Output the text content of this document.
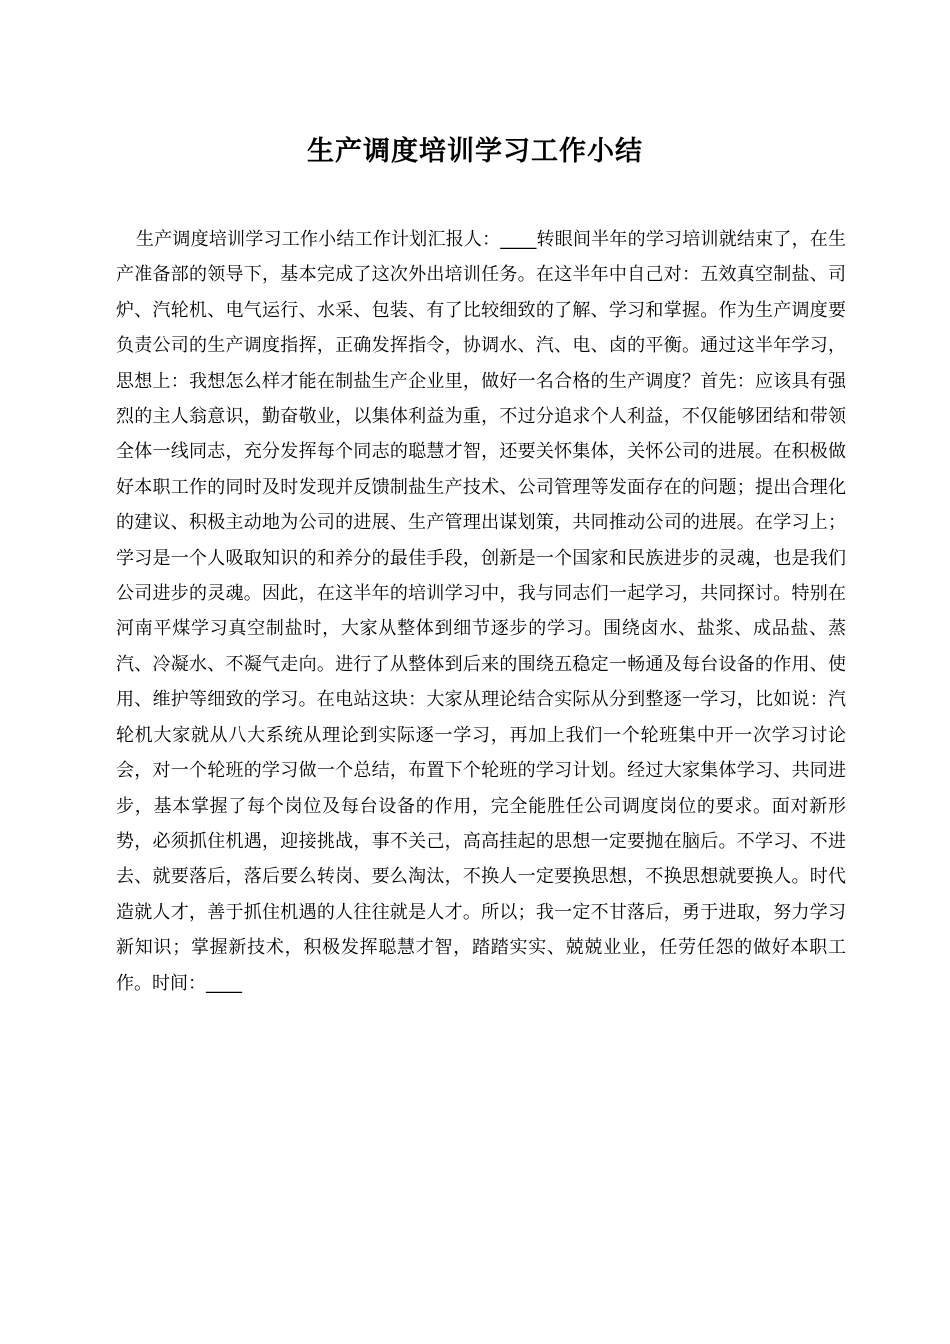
生产调度培训学习工作小结

生产调度培训学习工作小结工作计划汇报人：____转眼间半年的学习培训就结束了，在生产准备部的领导下，基本完成了这次外出培训任务。在这半年中自己对：五效真空制盐、司炉、汽轮机、电气运行、水采、包装、有了比较细致的了解、学习和掌握。作为生产调度要负责公司的生产调度指挥，正确发挥指令，协调水、汽、电、卤的平衡。通过这半年学习，思想上：我想怎么样才能在制盐生产企业里，做好一名合格的生产调度？首先：应该具有强烈的主人翁意识，勤奋敬业，以集体利益为重，不过分追求个人利益，不仅能够团结和带领全体一线同志，充分发挥每个同志的聪慧才智，还要关怀集体，关怀公司的进展。在积极做好本职工作的同时及时发现并反馈制盐生产技术、公司管理等发面存在的问题；提出合理化的建议、积极主动地为公司的进展、生产管理出谋划策，共同推动公司的进展。在学习上；学习是一个人吸取知识的和养分的最佳手段，创新是一个国家和民族进步的灵魂，也是我们公司进步的灵魂。因此，在这半年的培训学习中，我与同志们一起学习，共同探讨。特别在河南平煤学习真空制盐时，大家从整体到细节逐步的学习。围绕卤水、盐浆、成品盐、蒸汽、冷凝水、不凝气走向。进行了从整体到后来的围绕五稳定一畅通及每台设备的作用、使用、维护等细致的学习。在电站这块：大家从理论结合实际从分到整逐一学习，比如说：汽轮机大家就从八大系统从理论到实际逐一学习，再加上我们一个轮班集中开一次学习讨论会，对一个轮班的学习做一个总结，布置下个轮班的学习计划。经过大家集体学习、共同进步，基本掌握了每个岗位及每台设备的作用，完全能胜任公司调度岗位的要求。面对新形势，必须抓住机遇，迎接挑战，事不关己，高高挂起的思想一定要抛在脑后。不学习、不进去、就要落后，落后要么转岗、要么淘汰，不换人一定要换思想，不换思想就要换人。时代造就人才，善于抓住机遇的人往往就是人才。所以；我一定不甘落后，勇于进取，努力学习新知识；掌握新技术，积极发挥聪慧才智，踏踏实实、兢兢业业，任劳任怨的做好本职工作。时间：____
